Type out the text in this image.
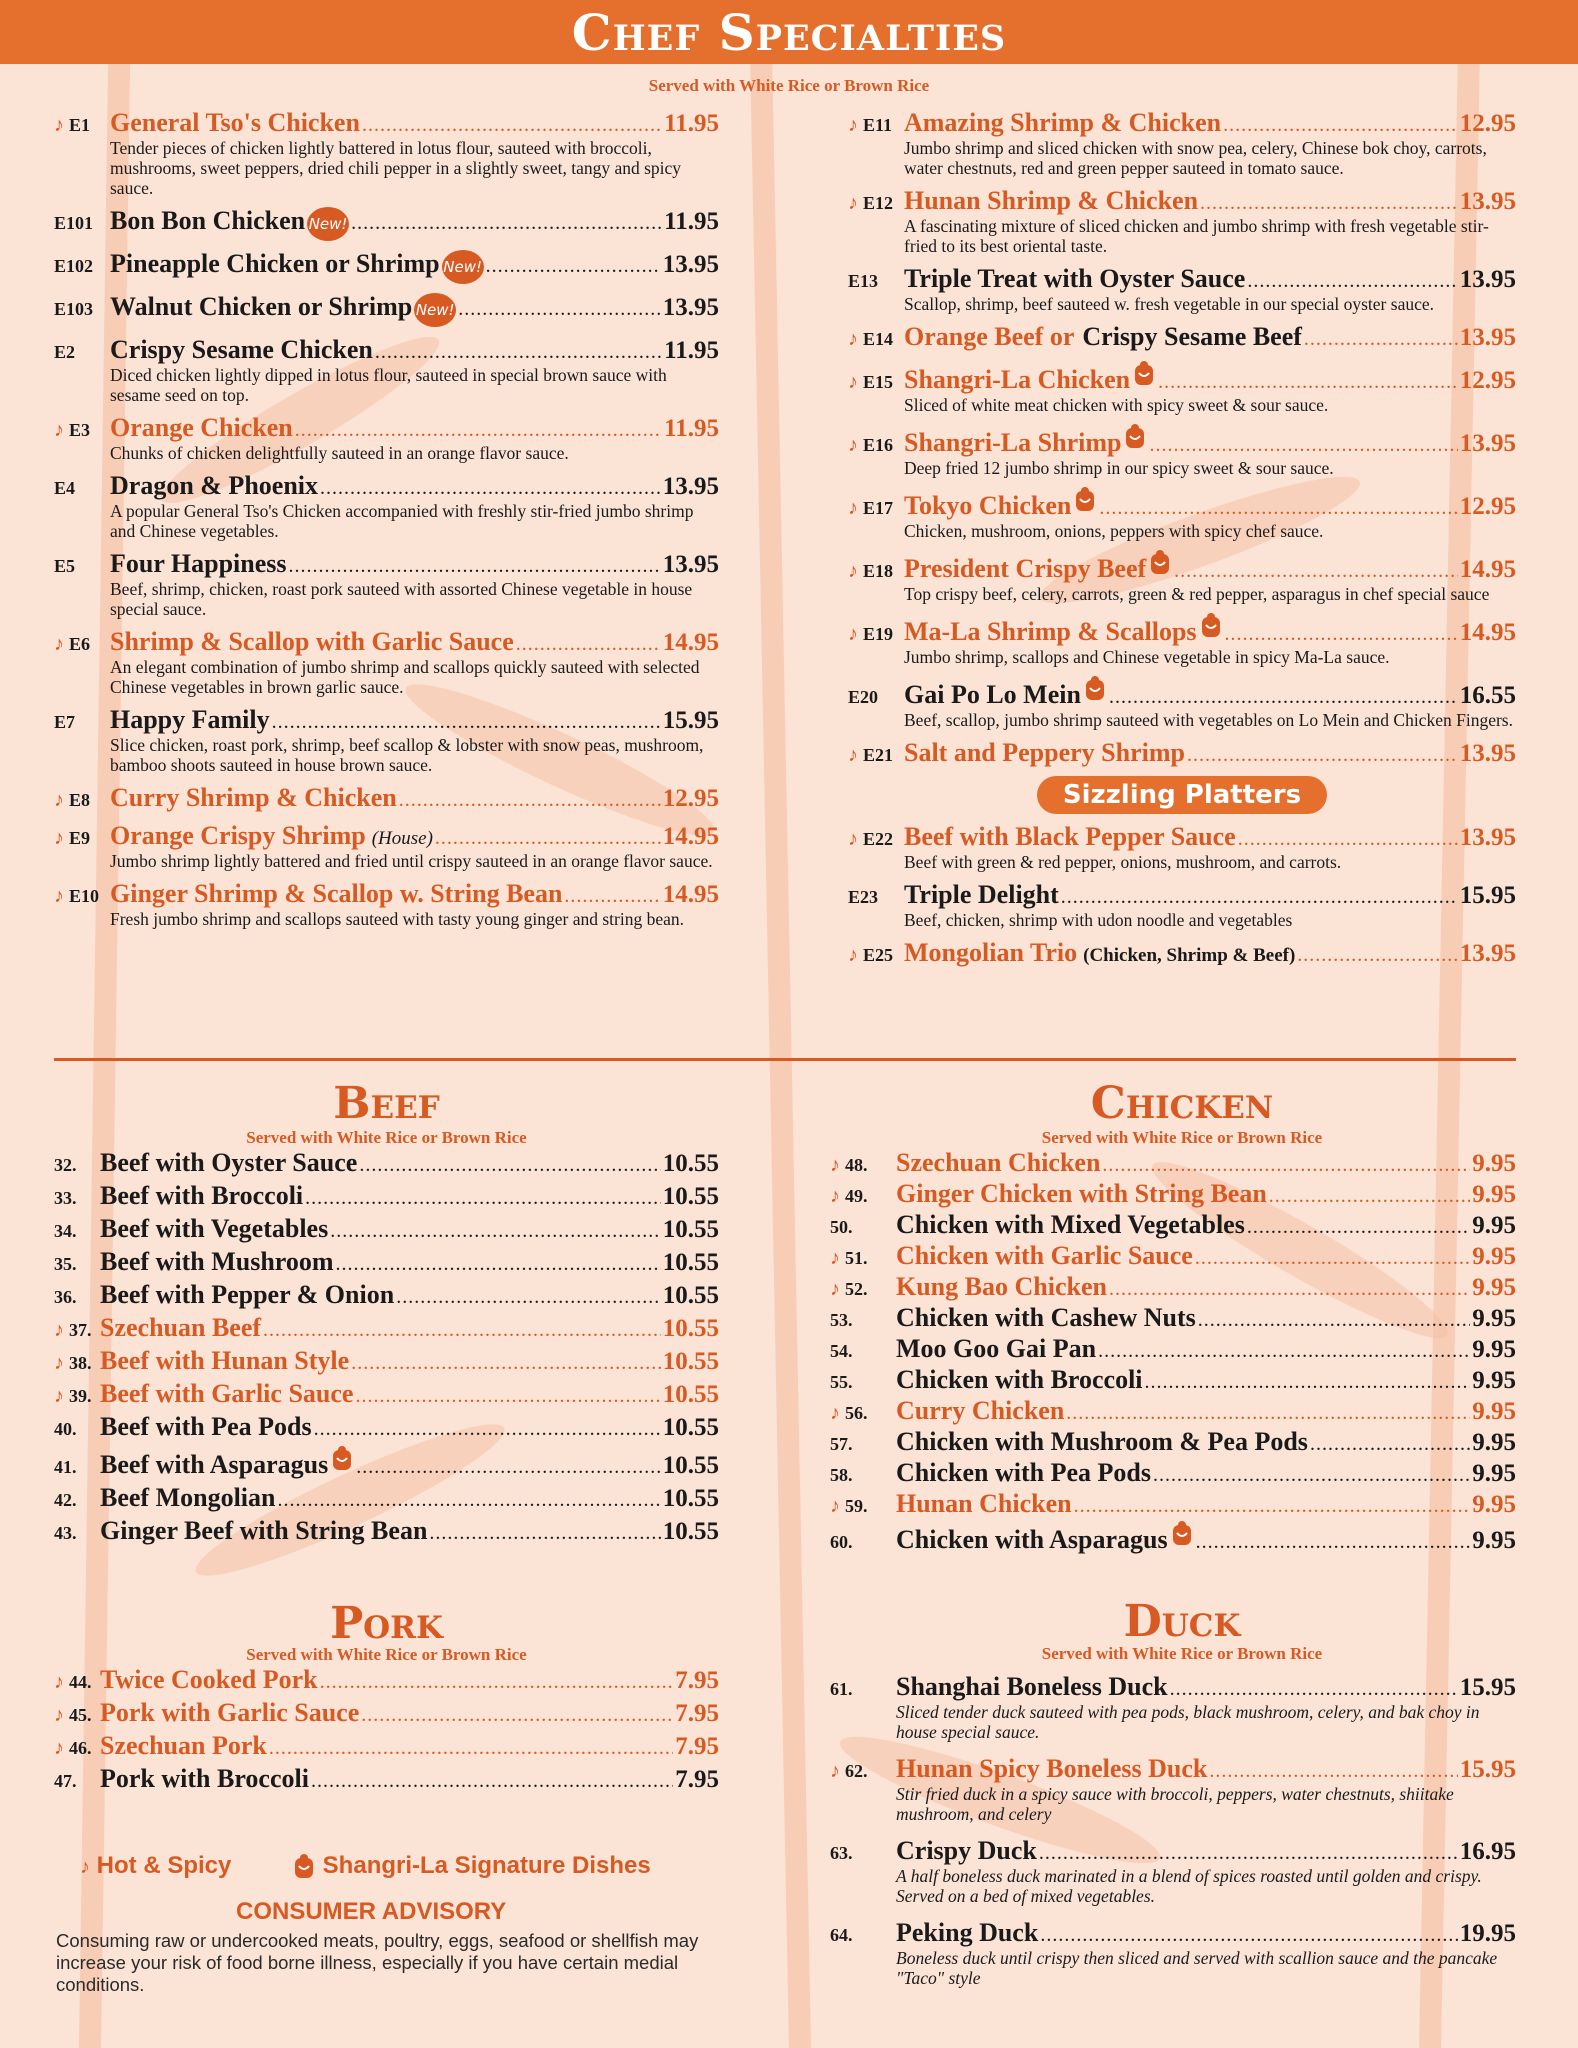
Chef Specialties
Served with White Rice or Brown Rice
♪ E1 General Tso's Chicken .....	11.95
Tender pieces of chicken lightly battered in lotus flour, sauteed with broccoli, mushrooms, sweet peppers, dried chili pepper in a slightly sweet, tangy and spicy sauce.
E101 Bon Bon Chicken New! .....	11.95
E102 Pineapple Chicken or Shrimp New! .....	13.95
E103 Walnut Chicken or Shrimp New! .....	13.95
E2	Crispy Sesame Chicken .....	11.95
Diced chicken lightly dipped in lotus flour, sauteed in special brown sauce with sesame seed on top.
♪ E3 Orange Chicken .....	11.95
Chunks of chicken delightfully sauteed in an orange flavor sauce.
E4	Dragon & Phoenix .....	13.95
A popular General Tso's Chicken accompanied with freshly stir-fried jumbo shrimp and Chinese vegetables.
E5	Four Happiness .....	13.95
Beef, shrimp, chicken, roast pork sauteed with assorted Chinese vegetable in house special sauce.
♪ E6 Shrimp & Scallop with Garlic Sauce .....	14.95
An elegant combination of jumbo shrimp and scallops quickly sauteed with selected Chinese vegetables in brown garlic sauce.
E7	Happy Family .....	15.95
Slice chicken, roast pork, shrimp, beef scallop & lobster with snow peas, mushroom, bamboo shoots sauteed in house brown sauce.
♪ E8 Curry Shrimp & Chicken .....	12.95
♪ E9 Orange Crispy Shrimp (House) .....	14.95
Jumbo shrimp lightly battered and fried until crispy sauteed in an orange flavor sauce.
♪ E10 Ginger Shrimp & Scallop w. String Bean .....	14.95
Fresh jumbo shrimp and scallops sauteed with tasty young ginger and string bean.
♪ E11 Amazing Shrimp & Chicken .....	12.95
Jumbo shrimp and sliced chicken with snow pea, celery, Chinese bok choy, carrots, water chestnuts, red and green pepper sauteed in tomato sauce.
♪ E12 Hunan Shrimp & Chicken .....	13.95
A fascinating mixture of sliced chicken and jumbo shrimp with fresh vegetable stir-fried to its best oriental taste.
E13 Triple Treat with Oyster Sauce .....	13.95
Scallop, shrimp, beef sauteed w. fresh vegetable in our special oyster sauce.
♪ E14 Orange Beef or Crispy Sesame Beef .....	13.95
♪ E15 Shangri-La Chicken .....	12.95
Sliced of white meat chicken with spicy sweet & sour sauce.
♪ E16 Shangri-La Shrimp .....	13.95
Deep fried 12 jumbo shrimp in our spicy sweet & sour sauce.
♪ E17 Tokyo Chicken .....	12.95
Chicken, mushroom, onions, peppers with spicy chef sauce.
♪ E18 President Crispy Beef .....	14.95
Top crispy beef, celery, carrots, green & red pepper, asparagus in chef special sauce
♪ E19 Ma-La Shrimp & Scallops .....	14.95
Jumbo shrimp, scallops and Chinese vegetable in spicy Ma-La sauce.
E20 Gai Po Lo Mein .....	16.55
Beef, scallop, jumbo shrimp sauteed with vegetables on Lo Mein and Chicken Fingers.
♪ E21 Salt and Peppery Shrimp .....	13.95
Sizzling Platters
♪ E22 Beef with Black Pepper Sauce .....	13.95
Beef with green & red pepper, onions, mushroom, and carrots.
E23 Triple Delight .....	15.95
Beef, chicken, shrimp with udon noodle and vegetables
♪ E25 Mongolian Trio (Chicken, Shrimp & Beef) .....	13.95
Beef
Served with White Rice or Brown Rice
32. Beef with Oyster Sauce .....	10.55
33. Beef with Broccoli .....	10.55
34. Beef with Vegetables .....	10.55
35. Beef with Mushroom .....	10.55
36. Beef with Pepper & Onion .....	10.55
♪ 37. Szechuan Beef .....	10.55
♪ 38. Beef with Hunan Style .....	10.55
♪ 39. Beef with Garlic Sauce .....	10.55
40. Beef with Pea Pods .....	10.55
41. Beef with Asparagus .....	10.55
42. Beef Mongolian .....	10.55
43. Ginger Beef with String Bean .....	10.55
Pork
Served with White Rice or Brown Rice
♪ 44. Twice Cooked Pork .....	7.95
♪ 45. Pork with Garlic Sauce .....	7.95
♪ 46. Szechuan Pork .....	7.95
47. Pork with Broccoli .....	7.95
Chicken
Served with White Rice or Brown Rice
♪ 48.	Szechuan Chicken .....	9.95
♪ 49.	Ginger Chicken with String Bean .....	9.95
50.	Chicken with Mixed Vegetables .....	9.95
♪ 51.	Chicken with Garlic Sauce .....	9.95
♪ 52.	Kung Bao Chicken .....	9.95
53.	Chicken with Cashew Nuts .....	9.95
54.	Moo Goo Gai Pan .....	9.95
55.	Chicken with Broccoli .....	9.95
♪ 56.	Curry Chicken .....	9.95
57.	Chicken with Mushroom & Pea Pods .....	9.95
58.	Chicken with Pea Pods .....	9.95
♪ 59.	Hunan Chicken .....	9.95
60.	Chicken with Asparagus .....	9.95
Duck
Served with White Rice or Brown Rice
61.	Shanghai Boneless Duck .....	15.95
Sliced tender duck sauteed with pea pods, black mushroom, celery, and bak choy in house special sauce.
♪ 62.	Hunan Spicy Boneless Duck .....	15.95
Stir fried duck in a spicy sauce with broccoli, peppers, water chestnuts, shiitake mushroom, and celery
63.	Crispy Duck .....	16.95
A half boneless duck marinated in a blend of spices roasted until golden and crispy. Served on a bed of mixed vegetables.
64.	Peking Duck .....	19.95
Boneless duck until crispy then sliced and served with scallion sauce and the pancake "Taco" style
♪ Hot & Spicy	Shangri-La Signature Dishes
CONSUMER ADVISORY
Consuming raw or undercooked meats, poultry, eggs, seafood or shellfish may increase your risk of food borne illness, especially if you have certain medial conditions.
